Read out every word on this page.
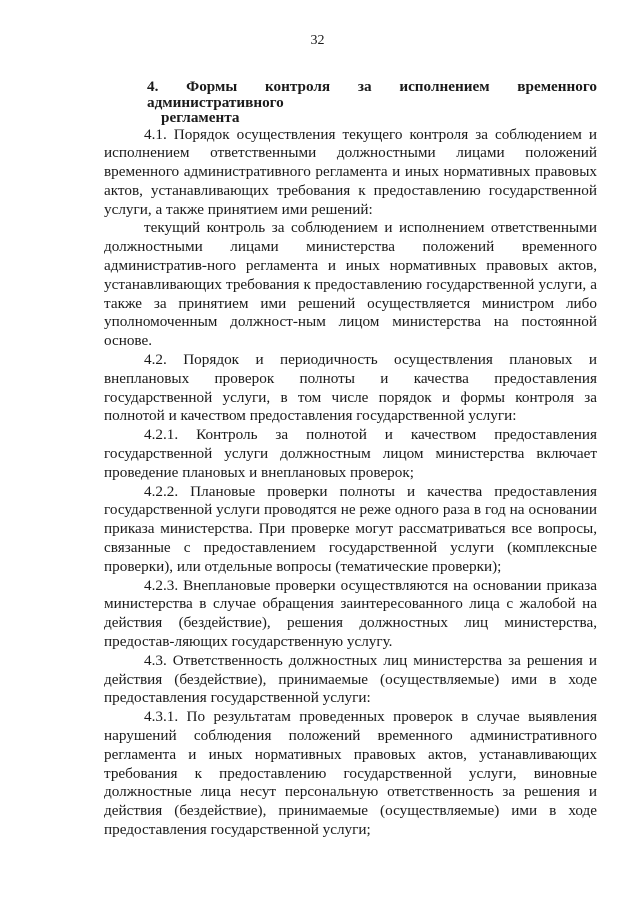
32
4. Формы контроля за исполнением временного административного
регламента

4.1. Порядок осуществления текущего контроля за соблюдением и исполнением ответственными должностными лицами положений временного административного регламента и иных нормативных правовых актов, устанавливающих требования к предоставлению государственной услуги, а также принятием ими решений:

текущий контроль за соблюдением и исполнением ответственными должностными лицами министерства положений временного административ-ного регламента и иных нормативных правовых актов, устанавливающих требования к предоставлению государственной услуги, а также за принятием ими решений осуществляется министром либо уполномоченным должност-ным лицом министерства на постоянной основе.

4.2. Порядок и периодичность осуществления плановых и внеплановых проверок полноты и качества предоставления государственной услуги, в том числе порядок и формы контроля за полнотой и качеством предоставления государственной услуги:

4.2.1. Контроль за полнотой и качеством предоставления государственной услуги должностным лицом министерства включает проведение плановых и внеплановых проверок;

4.2.2. Плановые проверки полноты и качества предоставления государственной услуги проводятся не реже одного раза в год на основании приказа министерства. При проверке могут рассматриваться все вопросы, связанные с предоставлением государственной услуги (комплексные проверки), или отдельные вопросы (тематические проверки);

4.2.3. Внеплановые проверки осуществляются на основании приказа министерства в случае обращения заинтересованного лица с жалобой на действия (бездействие), решения должностных лиц министерства, предостав-ляющих государственную услугу.

4.3. Ответственность должностных лиц министерства за решения и действия (бездействие), принимаемые (осуществляемые) ими в ходе предоставления государственной услуги:

4.3.1. По результатам проведенных проверок в случае выявления нарушений соблюдения положений временного административного регламента и иных нормативных правовых актов, устанавливающих требования к предоставлению государственной услуги, виновные должностные лица несут персональную ответственность за решения и действия (бездействие), принимаемые (осуществляемые) ими в ходе предоставления государственной услуги;
